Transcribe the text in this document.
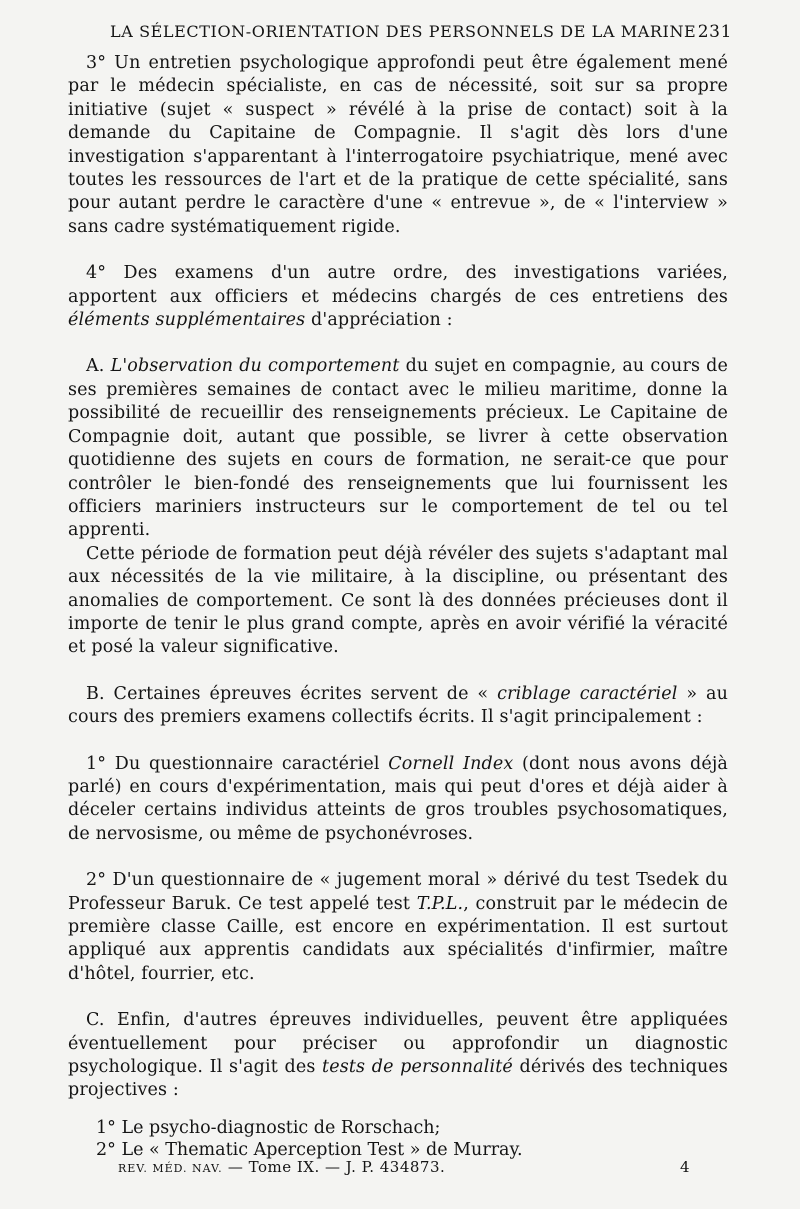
LA SÉLECTION-ORIENTATION DES PERSONNELS DE LA MARINE 231

3° Un entretien psychologique approfondi peut être également mené par le médecin spécialiste, en cas de nécessité, soit sur sa propre initiative (sujet « suspect » révélé à la prise de contact) soit à la demande du Capitaine de Compagnie. Il s'agit dès lors d'une investigation s'apparentant à l'interrogatoire psychiatrique, mené avec toutes les ressources de l'art et de la pratique de cette spécialité, sans pour autant perdre le caractère d'une « entrevue », de « l'interview » sans cadre systématiquement rigide.

4° Des examens d'un autre ordre, des investigations variées, apportent aux officiers et médecins chargés de ces entretiens des éléments supplémentaires d'appréciation :

A. L'observation du comportement du sujet en compagnie, au cours de ses premières semaines de contact avec le milieu maritime, donne la possibilité de recueillir des renseignements précieux. Le Capitaine de Compagnie doit, autant que possible, se livrer à cette observation quotidienne des sujets en cours de formation, ne serait-ce que pour contrôler le bien-fondé des renseignements que lui fournissent les officiers mariniers instructeurs sur le comportement de tel ou tel apprenti.

Cette période de formation peut déjà révéler des sujets s'adaptant mal aux nécessités de la vie militaire, à la discipline, ou présentant des anomalies de comportement. Ce sont là des données précieuses dont il importe de tenir le plus grand compte, après en avoir vérifié la véracité et posé la valeur significative.

B. Certaines épreuves écrites servent de « criblage caractériel » au cours des premiers examens collectifs écrits. Il s'agit principalement :

1° Du questionnaire caractériel Cornell Index (dont nous avons déjà parlé) en cours d'expérimentation, mais qui peut d'ores et déjà aider à déceler certains individus atteints de gros troubles psychosomatiques, de nervosisme, ou même de psychonévroses.

2° D'un questionnaire de « jugement moral » dérivé du test Tsedek du Professeur Baruk. Ce test appelé test T.P.L., construit par le médecin de première classe Caille, est encore en expérimentation. Il est surtout appliqué aux apprentis candidats aux spécialités d'infirmier, maître d'hôtel, fourrier, etc.

C. Enfin, d'autres épreuves individuelles, peuvent être appliquées éventuellement pour préciser ou approfondir un diagnostic psychologique. Il s'agit des tests de personnalité dérivés des techniques projectives :

1° Le psycho-diagnostic de Rorschach;
2° Le « Thematic Aperception Test » de Murray.
REV. MÉD. NAV. — Tome IX. — J. P. 434873.	4
